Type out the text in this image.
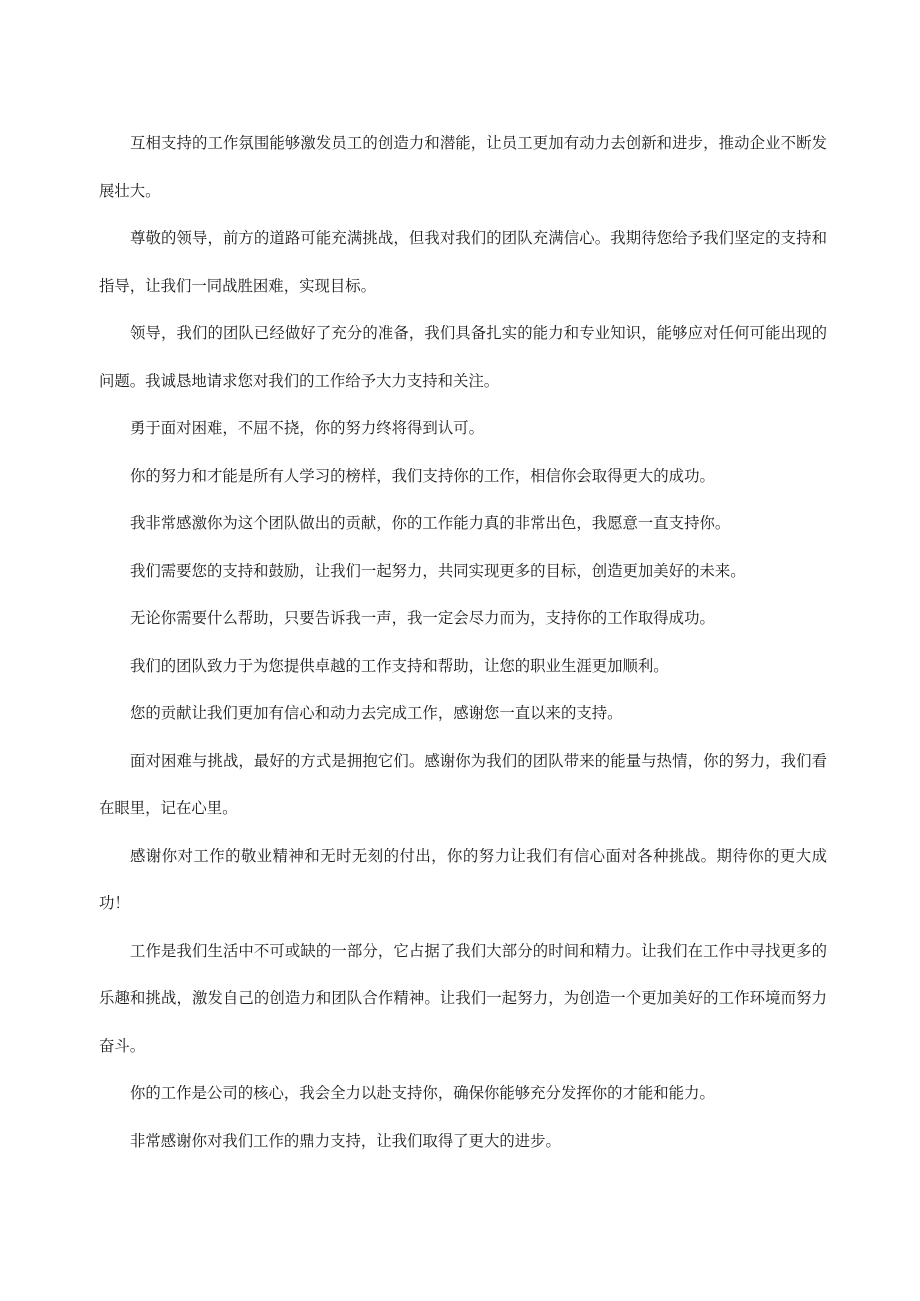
互相支持的工作氛围能够激发员工的创造力和潜能，让员工更加有动力去创新和进步，推动企业不断发展壮大。

尊敬的领导，前方的道路可能充满挑战，但我对我们的团队充满信心。我期待您给予我们坚定的支持和指导，让我们一同战胜困难，实现目标。

领导，我们的团队已经做好了充分的准备，我们具备扎实的能力和专业知识，能够应对任何可能出现的问题。我诚恳地请求您对我们的工作给予大力支持和关注。

勇于面对困难，不屈不挠，你的努力终将得到认可。

你的努力和才能是所有人学习的榜样，我们支持你的工作，相信你会取得更大的成功。

我非常感激你为这个团队做出的贡献，你的工作能力真的非常出色，我愿意一直支持你。

我们需要您的支持和鼓励，让我们一起努力，共同实现更多的目标，创造更加美好的未来。

无论你需要什么帮助，只要告诉我一声，我一定会尽力而为，支持你的工作取得成功。

我们的团队致力于为您提供卓越的工作支持和帮助，让您的职业生涯更加顺利。

您的贡献让我们更加有信心和动力去完成工作，感谢您一直以来的支持。

面对困难与挑战，最好的方式是拥抱它们。感谢你为我们的团队带来的能量与热情，你的努力，我们看在眼里，记在心里。

感谢你对工作的敬业精神和无时无刻的付出，你的努力让我们有信心面对各种挑战。期待你的更大成功！

工作是我们生活中不可或缺的一部分，它占据了我们大部分的时间和精力。让我们在工作中寻找更多的乐趣和挑战，激发自己的创造力和团队合作精神。让我们一起努力，为创造一个更加美好的工作环境而努力奋斗。

你的工作是公司的核心，我会全力以赴支持你，确保你能够充分发挥你的才能和能力。

非常感谢你对我们工作的鼎力支持，让我们取得了更大的进步。
